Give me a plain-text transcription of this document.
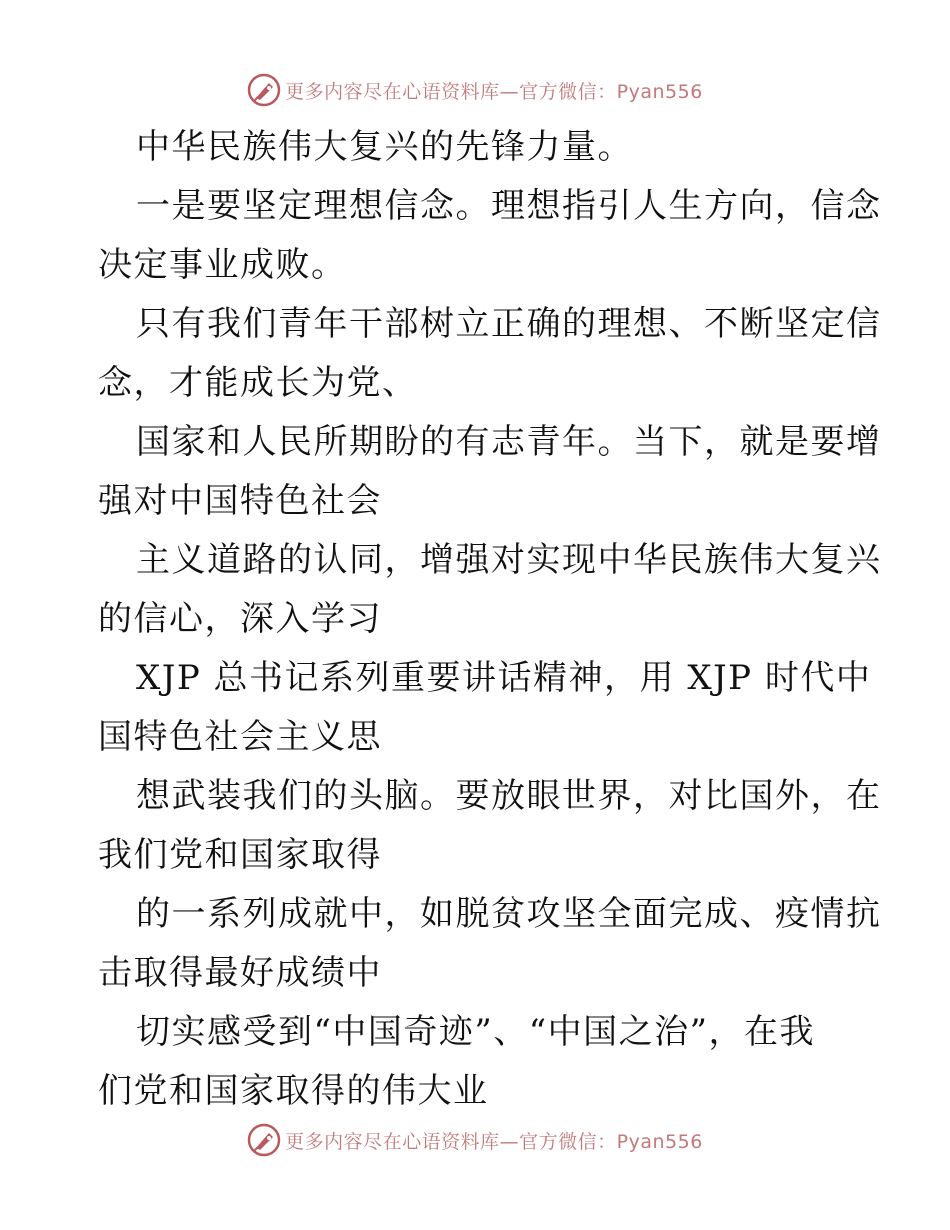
更多内容尽在心语资料库—官方微信：Pyan556
中华民族伟大复兴的先锋力量。
一是要坚定理想信念。理想指引人生方向，信念
决定事业成败。
只有我们青年干部树立正确的理想、不断坚定信
念，才能成长为党、
国家和人民所期盼的有志青年。当下，就是要增
强对中国特色社会
主义道路的认同，增强对实现中华民族伟大复兴
的信心，深入学习
XJP 总书记系列重要讲话精神，用 XJP 时代中
国特色社会主义思
想武装我们的头脑。要放眼世界，对比国外，在
我们党和国家取得
的一系列成就中，如脱贫攻坚全面完成、疫情抗
击取得最好成绩中
切实感受到“中国奇迹”、“中国之治”，在我
们党和国家取得的伟大业
更多内容尽在心语资料库—官方微信：Pyan556
